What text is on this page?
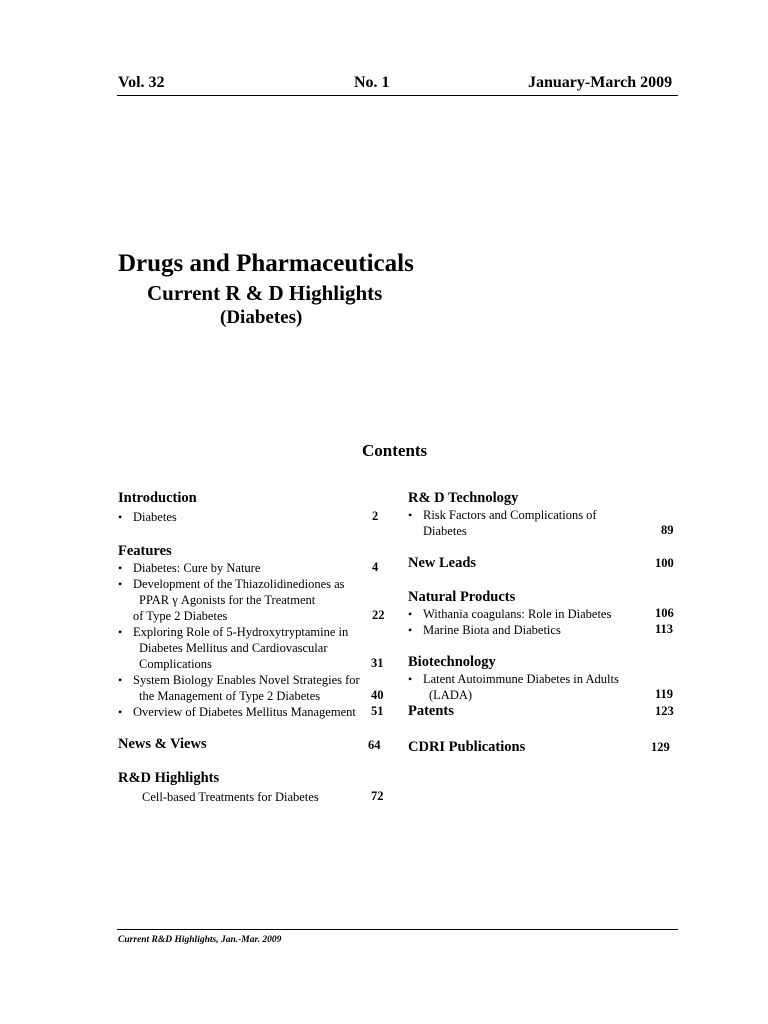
Vol. 32	No. 1	January-March 2009
Drugs and Pharmaceuticals
Current R & D Highlights
(Diabetes)
Contents
Introduction
• Diabetes	2
Features
• Diabetes: Cure by Nature	4
• Development of the Thiazolidinediones as
PPAR γ Agonists for the Treatment
of Type 2 Diabetes	22
• Exploring Role of 5-Hydroxytryptamine in
Diabetes Mellitus and Cardiovascular
Complications	31
• System Biology Enables Novel Strategies for
the Management of Type 2 Diabetes	40
• Overview of Diabetes Mellitus Management 51
News & Views	64
R&D Highlights
Cell-based Treatments for Diabetes	72
R& D Technology
• Risk Factors and Complications of
Diabetes	89
New Leads	100
Natural Products
• Withania coagulans: Role in Diabetes	106
• Marine Biota and Diabetics	113
Biotechnology
• Latent Autoimmune Diabetes in Adults
(LADA)	119
Patents	123
CDRI Publications	129
Current R&D Highlights, Jan.-Mar. 2009
